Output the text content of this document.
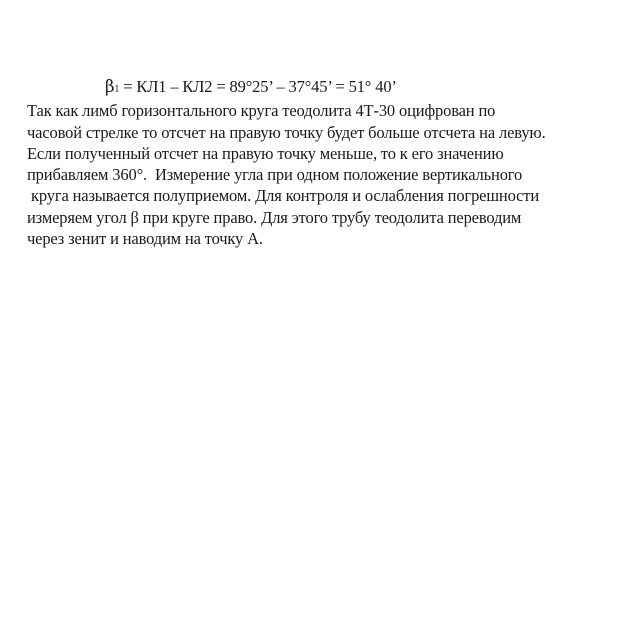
β1 = КЛ1 – КЛ2 = 89°25’ – 37°45’ = 51° 40’
Так как лимб горизонтального круга теодолита 4Т-30 оцифрован по
часовой стрелке то отсчет на правую точку будет больше отсчета на левую.
Если полученный отсчет на правую точку меньше, то к его значению
прибавляем 360°.  Измерение угла при одном положение вертикального
круга называется полуприемом. Для контроля и ослабления погрешности
измеряем угол β при круге право. Для этого трубу теодолита переводим
через зенит и наводим на точку А.
